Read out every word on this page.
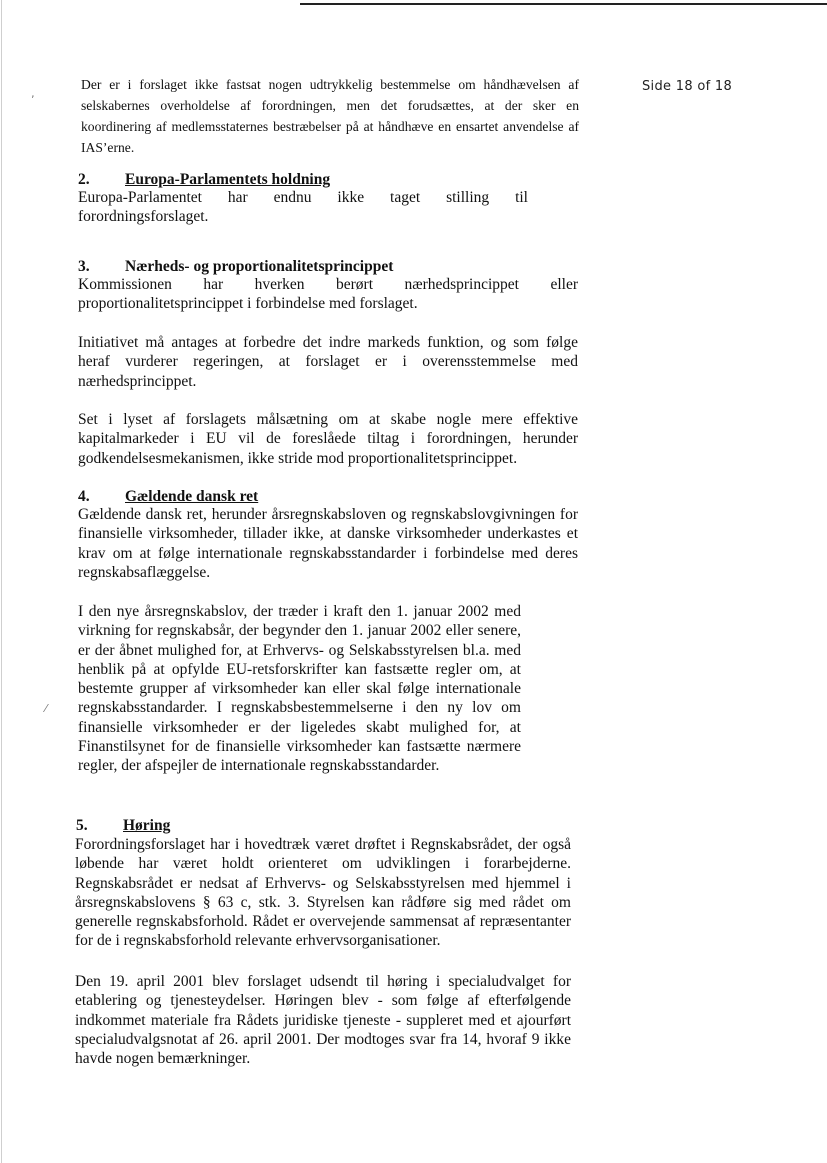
‚
⁄
Side 18 of 18

Der er i forslaget ikke fastsat nogen udtrykkelig bestemmelse om håndhævelsen af selskabernes overholdelse af forordningen, men det forudsættes, at der sker en koordinering af medlemsstaternes bestræbelser på at håndhæve en ensartet anvendelse af IAS’erne.

2. Europa-Parlamentets holdning

Europa-Parlamentet har endnu ikke taget stilling til forordningsforslaget.

3. Nærheds- og proportionalitetsprincippet

Kommissionen har hverken berørt nærhedsprincippet eller proportionalitetsprincippet i forbindelse med forslaget.

Initiativet må antages at forbedre det indre markeds funktion, og som følge heraf vurderer regeringen, at forslaget er i overensstemmelse med nærhedsprincippet.

Set i lyset af forslagets målsætning om at skabe nogle mere effektive kapitalmarkeder i EU vil de foreslåede tiltag i forordningen, herunder godkendelsesmekanismen, ikke stride mod proportionalitetsprincippet.

4. Gældende dansk ret

Gældende dansk ret, herunder årsregnskabsloven og regnskabslovgivningen for finansielle virksomheder, tillader ikke, at danske virksomheder underkastes et krav om at følge internationale regnskabsstandarder i forbindelse med deres regnskabsaflæggelse.

I den nye årsregnskabslov, der træder i kraft den 1. januar 2002 med virkning for regnskabsår, der begynder den 1. januar 2002 eller senere, er der åbnet mulighed for, at Erhvervs- og Selskabsstyrelsen bl.a. med henblik på at opfylde EU-retsforskrifter kan fastsætte regler om, at bestemte grupper af virksomheder kan eller skal følge internationale regnskabsstandarder. I regnskabsbestemmelserne i den ny lov om finansielle virksomheder er der ligeledes skabt mulighed for, at Finanstilsynet for de finansielle virksomheder kan fastsætte nærmere regler, der afspejler de internationale regnskabsstandarder.

5. Høring

Forordningsforslaget har i hovedtræk været drøftet i Regnskabsrådet, der også løbende har været holdt orienteret om udviklingen i forarbejderne. Regnskabsrådet er nedsat af Erhvervs- og Selskabsstyrelsen med hjemmel i årsregnskabslovens § 63 c, stk. 3. Styrelsen kan rådføre sig med rådet om generelle regnskabsforhold. Rådet er overvejende sammensat af repræsentanter for de i regnskabsforhold relevante erhvervsorganisationer.

Den 19. april 2001 blev forslaget udsendt til høring i specialudvalget for etablering og tjenesteydelser. Høringen blev - som følge af efterfølgende indkommet materiale fra Rådets juridiske tjeneste - suppleret med et ajourført specialudvalgsnotat af 26. april 2001. Der modtoges svar fra 14, hvoraf 9 ikke havde nogen bemærkninger.
